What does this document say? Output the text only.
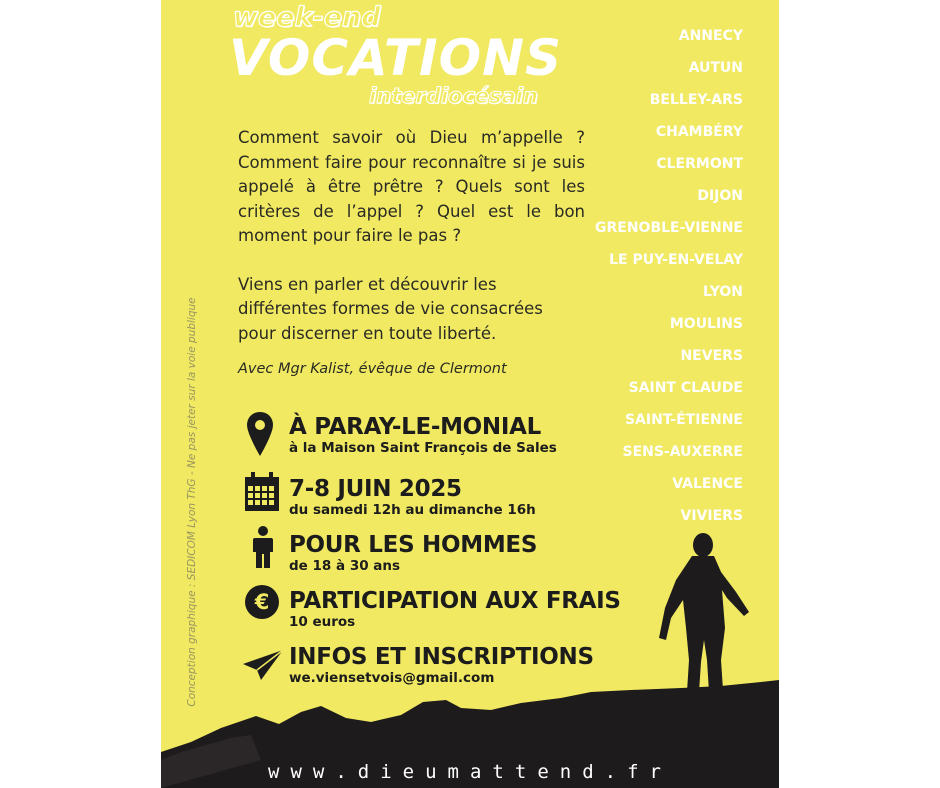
week-end
VOCATIONS
interdiocésain
Comment savoir où Dieu m’appelle ? Comment faire pour reconnaître si je suis appelé à être prêtre ? Quels sont les critères de l’appel ? Quel est le bon moment pour faire le pas ?
Viens en parler et découvrir les différentes formes de vie consacrées pour discerner en toute liberté.
Avec Mgr Kalist, évêque de Clermont
À PARAY-LE-MONIAL
à la Maison Saint François de Sales
7-8 JUIN 2025
du samedi 12h au dimanche 16h
POUR LES HOMMES
de 18 à 30 ans
€ PARTICIPATION AUX FRAIS
10 euros
INFOS ET INSCRIPTIONS
we.viensetvois@gmail.com
ANNECY
AUTUN
BELLEY-ARS
CHAMBÉRY
CLERMONT
DIJON
GRENOBLE-VIENNE
LE PUY-EN-VELAY
LYON
MOULINS
NEVERS
SAINT CLAUDE
SAINT-ÉTIENNE
SENS-AUXERRE
VALENCE
VIVIERS
Conception graphique : SEDICOM Lyon ThG - Ne pas jeter sur la voie publique
www.dieumattend.fr
